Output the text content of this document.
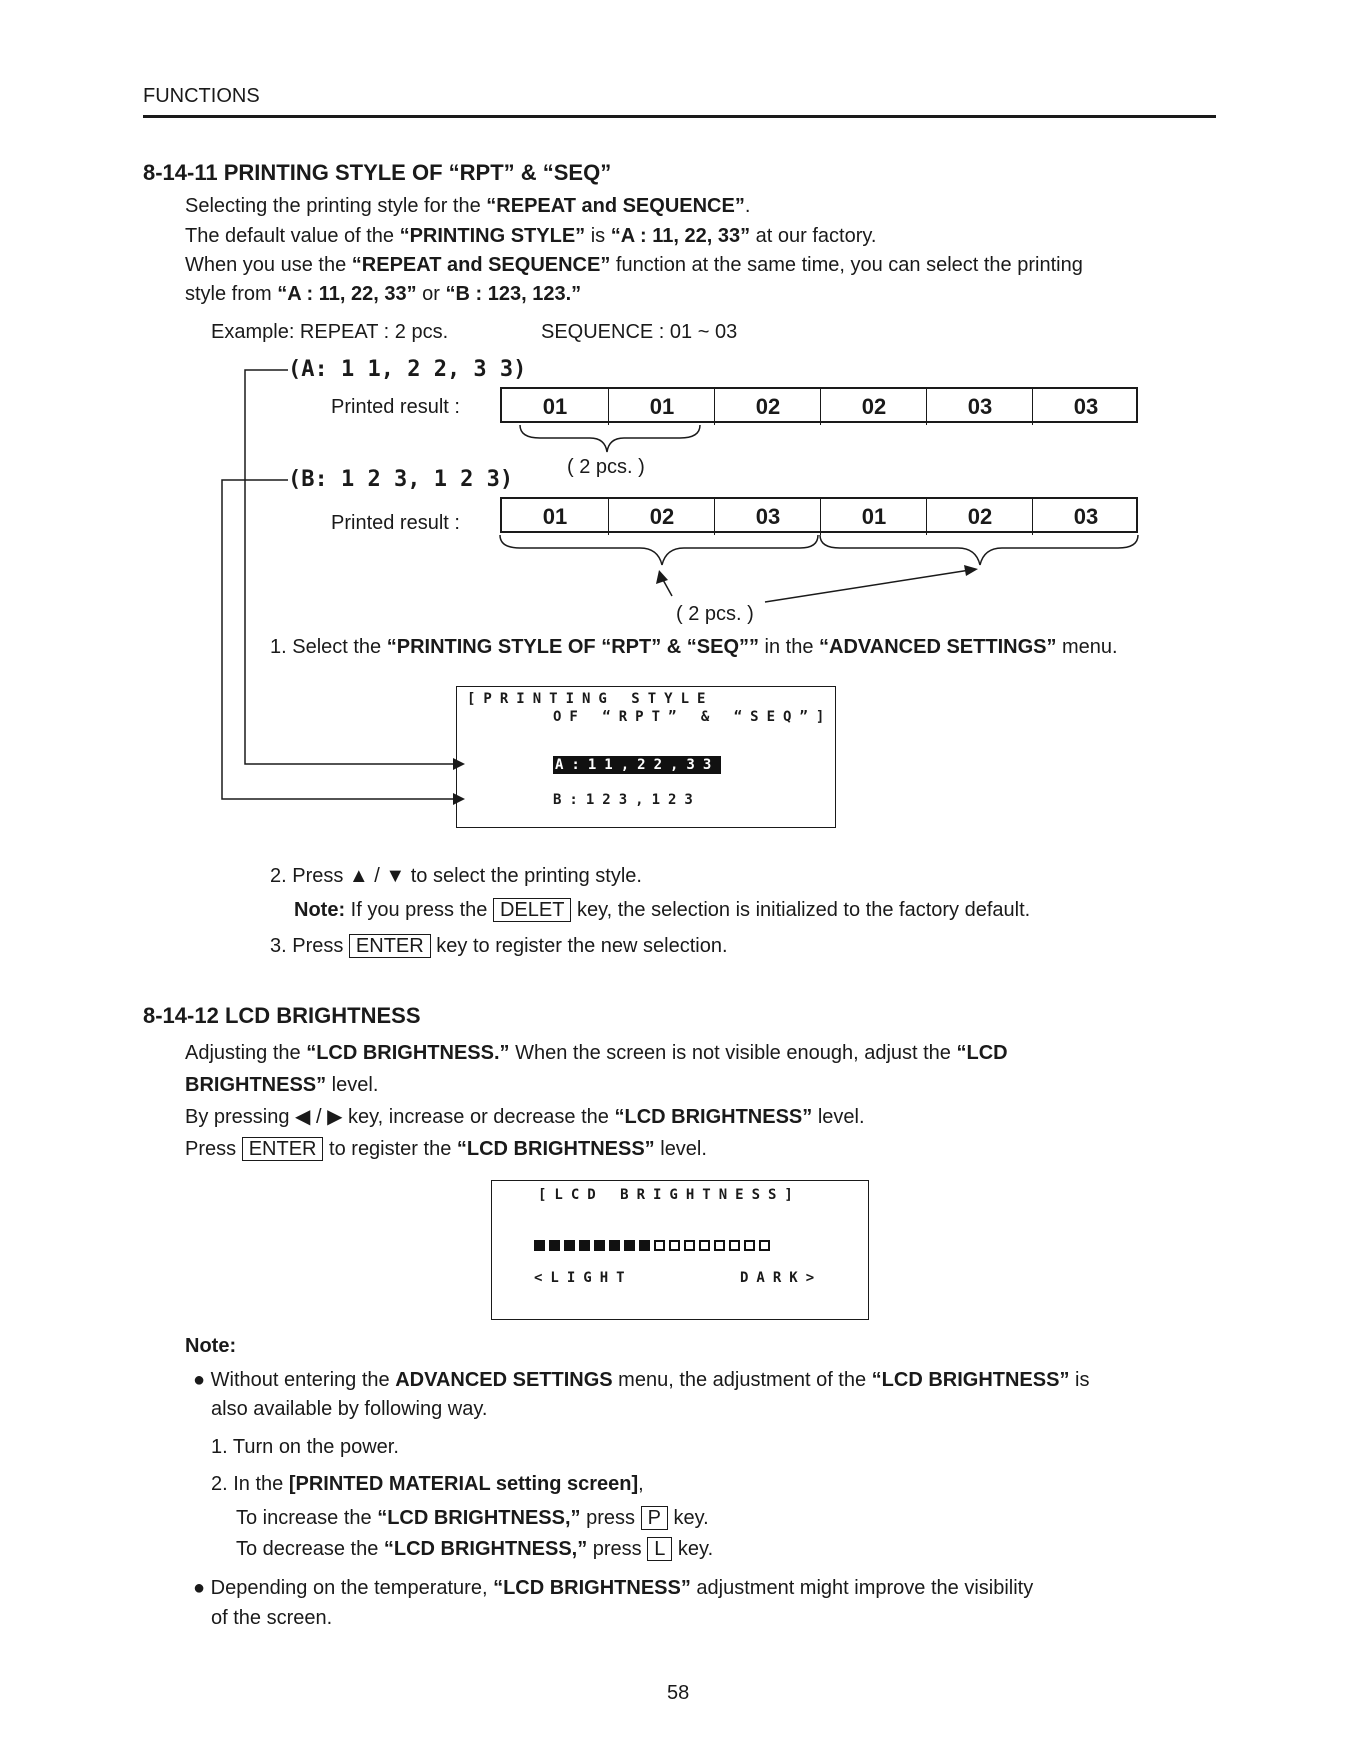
FUNCTIONS
8-14-11 PRINTING STYLE OF “RPT” & “SEQ”
Selecting the printing style for the “REPEAT and SEQUENCE”.
The default value of the “PRINTING STYLE” is “A : 11, 22, 33” at our factory.
When you use the “REPEAT and SEQUENCE” function at the same time, you can select the printing
style from “A : 11, 22, 33” or “B : 123, 123.”
Example: REPEAT : 2 pcs.	SEQUENCE : 01 ~ 03
(A: 1 1, 2 2, 3 3)
Printed result :	01	01	02	02	03	03
( 2 pcs. )
(B: 1 2 3, 1 2 3)
Printed result :	01	02	03	01	02	03
( 2 pcs. )
1. Select the “PRINTING STYLE OF “RPT” & “SEQ”” in the “ADVANCED SETTINGS” menu.
[PRINTING STYLE
OF “RPT” & “SEQ”]
A:11,22,33
B:123,123
2. Press ▲ / ▼ to select the printing style.
Note: If you press the DELET key, the selection is initialized to the factory default.
3. Press ENTER key to register the new selection.
8-14-12 LCD BRIGHTNESS
Adjusting the “LCD BRIGHTNESS.” When the screen is not visible enough, adjust the “LCD
BRIGHTNESS” level.
By pressing ◀ / ▶ key, increase or decrease the “LCD BRIGHTNESS” level.
Press ENTER to register the “LCD BRIGHTNESS” level.
[LCD BRIGHTNESS]
<LIGHT	DARK>
Note:
● Without entering the ADVANCED SETTINGS menu, the adjustment of the “LCD BRIGHTNESS” is
also available by following way.
1. Turn on the power.
2. In the [PRINTED MATERIAL setting screen],
To increase the “LCD BRIGHTNESS,” press P key.
To decrease the “LCD BRIGHTNESS,” press L key.
● Depending on the temperature, “LCD BRIGHTNESS” adjustment might improve the visibility
of the screen.
58
